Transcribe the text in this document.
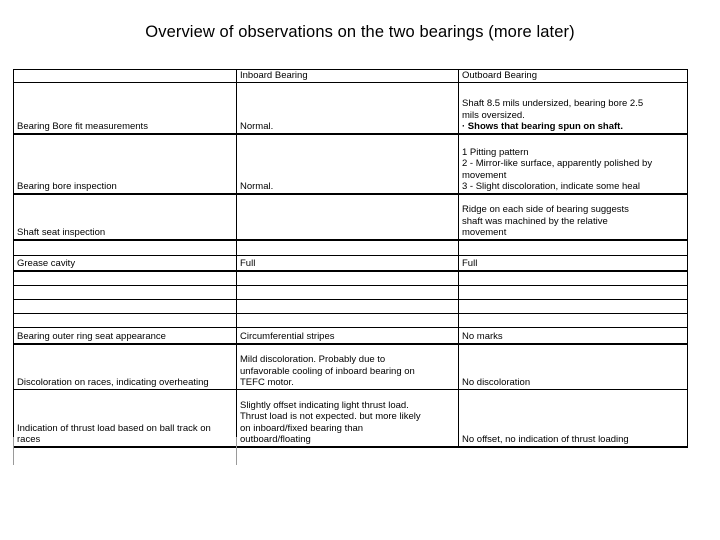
Overview of observations on the two bearings (more later)
	Inboard Bearing	Outboard Bearing
Bearing Bore fit measurements	Normal.	Shaft 8.5 mils undersized, bearing bore 2.5
mils oversized.
· Shows that bearing spun on shaft.

Bearing bore inspection	Normal.	1 Pitting pattern
2 - Mirror-like surface, apparently polished by
movement
3 - Slight discoloration, indicate some heal

Shaft seat inspection		Ridge on each side of bearing suggests
shaft was machined by the relative
movement

Grease cavity	Full	Full

Bearing outer ring seat appearance	Circumferential stripes	No marks

Discoloration on races, indicating overheating	Mild discoloration. Probably due to
unfavorable cooling of inboard bearing on
TEFC motor.	No discoloration

Indication of thrust load based on ball track on races	Slightly offset indicating light thrust load.
Thrust load is not expected. but more likely
on inboard/fixed bearing than
outboard/floating	No offset, no indication of thrust loading
